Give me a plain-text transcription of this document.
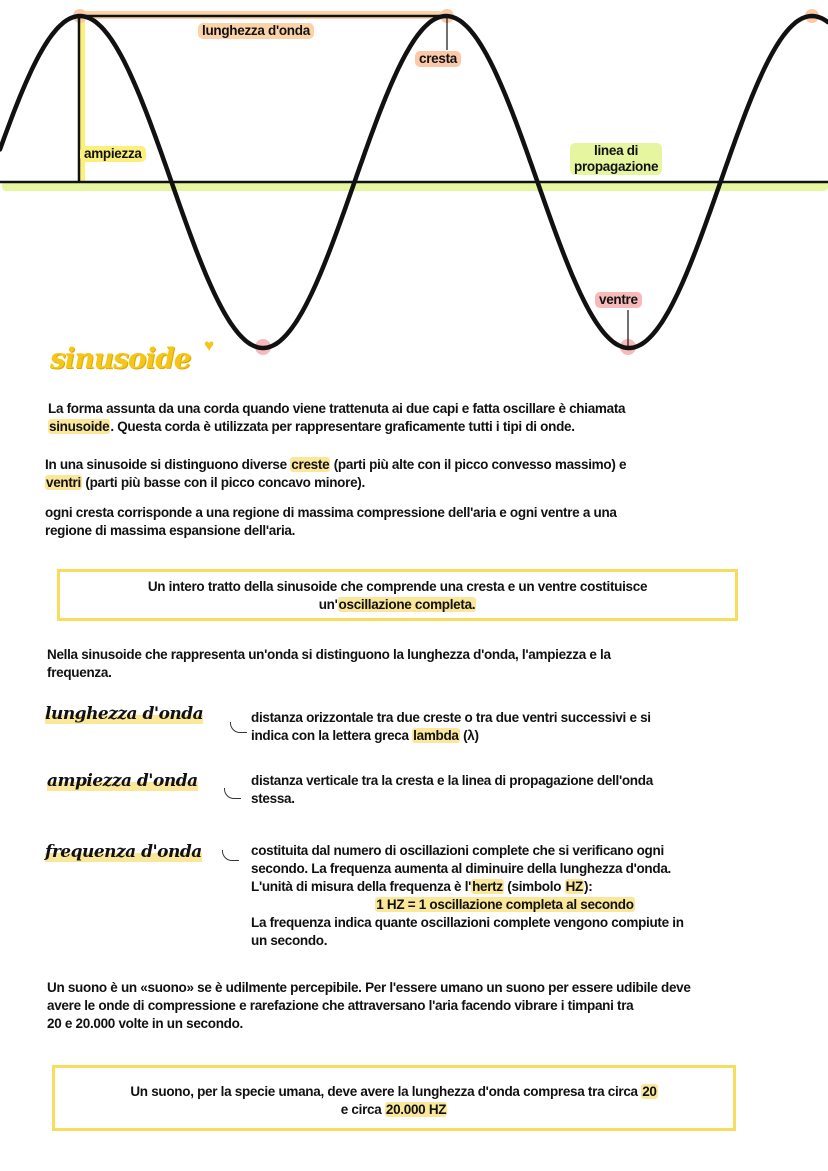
lunghezza d'onda
cresta
ampiezza	linea di
propagazione
ventre
sinusoide ♥
La forma assunta da una corda quando viene trattenuta ai due capi e fatta oscillare è chiamata
sinusoide. Questa corda è utilizzata per rappresentare graficamente tutti i tipi di onde.
In una sinusoide si distinguono diverse creste (parti più alte con il picco convesso massimo) e
ventri (parti più basse con il picco concavo minore).
ogni cresta corrisponde a una regione di massima compressione dell'aria e ogni ventre a una
regione di massima espansione dell'aria.
Un intero tratto della sinusoide che comprende una cresta e un ventre costituisce
un'oscillazione completa.
Nella sinusoide che rappresenta un'onda si distinguono la lunghezza d'onda, l'ampiezza e la
frequenza.
lunghezza d'onda	distanza orizzontale tra due creste o tra due ventri successivi e si
indica con la lettera greca lambda (λ)
ampiezza d'onda	distanza verticale tra la cresta e la linea di propagazione dell'onda
stessa.
frequenza d'onda	costituita dal numero di oscillazioni complete che si verificano ogni
secondo. La frequenza aumenta al diminuire della lunghezza d'onda.
L'unità di misura della frequenza è l'hertz (simbolo HZ):
1 HZ = 1 oscillazione completa al secondo
La frequenza indica quante oscillazioni complete vengono compiute in
un secondo.
Un suono è un «suono» se è udilmente percepibile. Per l'essere umano un suono per essere udibile deve
avere le onde di compressione e rarefazione che attraversano l'aria facendo vibrare i timpani tra
20 e 20.000 volte in un secondo.
Un suono, per la specie umana, deve avere la lunghezza d'onda compresa tra circa 20
e circa 20.000 HZ
